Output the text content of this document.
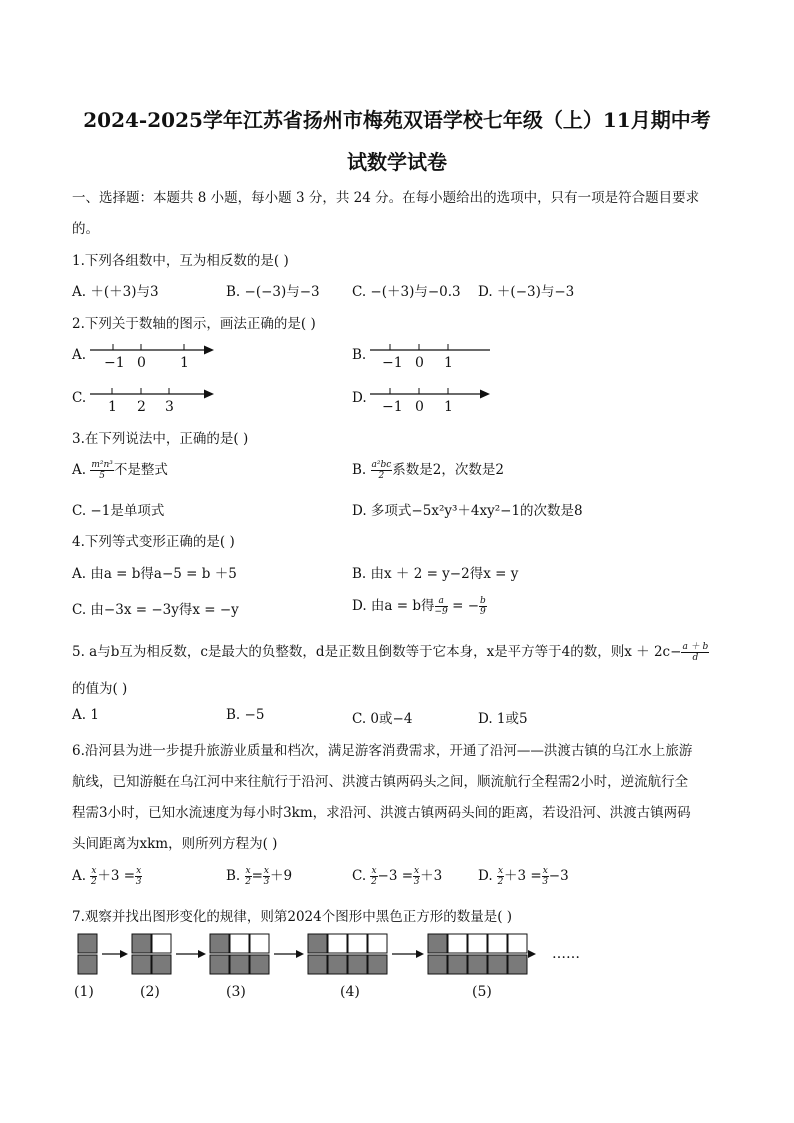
2024-2025学年江苏省扬州市梅苑双语学校七年级（上）11月期中考
试数学试卷
一、选择题：本题共 8 小题，每小题 3 分，共 24 分。在每小题给出的选项中，只有一项是符合题目要求
的。
1.下列各组数中，互为相反数的是( )
A. ＋(＋3)与3	B. −(−3)与−3 C. −(＋3)与−0.3 D. ＋(−3)与−3
2.下列关于数轴的图示，画法正确的是( )
A. −1 0 1	B. −1 0 1
C.
1 2 3
D.
−1 0 1
3.在下列说法中，正确的是( )
A. $\frac{\text{m²n³}}{5}$ 不是整式	B. $\frac{\text{a²bc}}{2}$ 系数是2，次数是2
C. −1是单项式	D. 多项式−5x²y³＋4xy²−1的次数是8
4.下列等式变形正确的是( )
A. 由a = b得a−5 = b ＋5	B. 由x ＋ 2 = y−2得x = y
C. 由−3x = −3y得x = −y	D. 由a = b得 $\frac{a}{-9}$ = − $\frac{b}{9}$
5. a与b互为相反数，c是最大的负整数，d是正数且倒数等于它本身，x是平方等于4的数，则$x + 2c- \frac{a + b}{d}$
的值为( )
A. 1	B. −5	C. 0或−4	D. 1或5
6.沿河县为进一步提升旅游业质量和档次，满足游客消费需求，开通了沿河——洪渡古镇的乌江水上旅游
航线，已知游艇在乌江河中来往航行于沿河、洪渡古镇两码头之间，顺流航行全程需2小时，逆流航行全
程需3小时，已知水流速度为每小时3km，求沿河、洪渡古镇两码头间的距离，若设沿河、洪渡古镇两码
头间距离为xkm，则所列方程为( )
A. $\frac{x}{2} +3 = \frac{x}{3}$	B. $\frac{x}{2} = \frac{x}{3} +9$	C. $\frac{x}{2} -3 = \frac{x}{3} +3$	D. $\frac{x}{2} +3 = \frac{x}{3} -3$
7.观察并找出图形变化的规律，则第2024个图形中黑色正方形的数量是( )
(1)	(2)	(3)	(4)	(5)
……
